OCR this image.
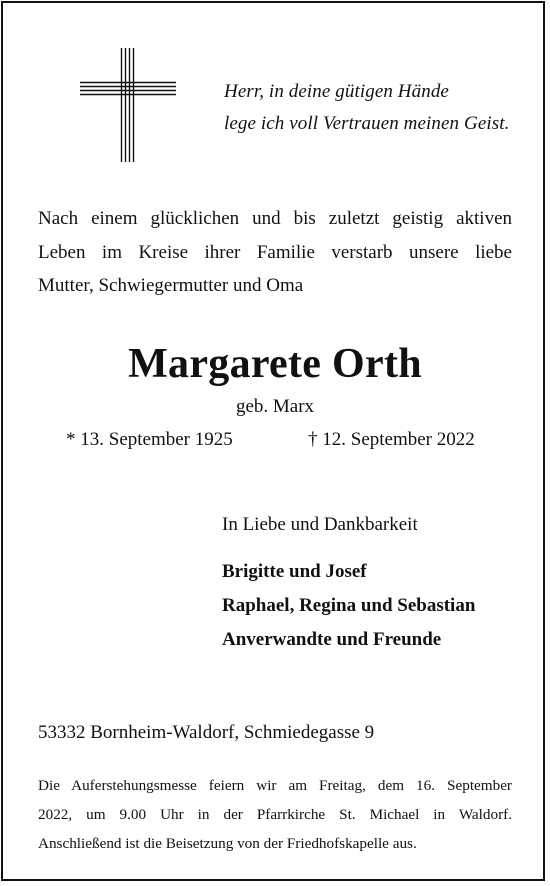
Herr, in deine gütigen Hände
lege ich voll Vertrauen meinen Geist.
Nach einem glücklichen und bis zuletzt geistig aktiven
Leben im Kreise ihrer Familie verstarb unsere liebe
Mutter, Schwiegermutter und Oma
Margarete Orth
geb. Marx
* 13. September 1925	† 12. September 2022
In Liebe und Dankbarkeit
Brigitte und Josef
Raphael, Regina und Sebastian
Anverwandte und Freunde
53332 Bornheim-Waldorf, Schmiedegasse 9
Die Auferstehungsmesse feiern wir am Freitag, dem 16. September
2022, um 9.00 Uhr in der Pfarrkirche St. Michael in Waldorf.
Anschließend ist die Beisetzung von der Friedhofskapelle aus.
